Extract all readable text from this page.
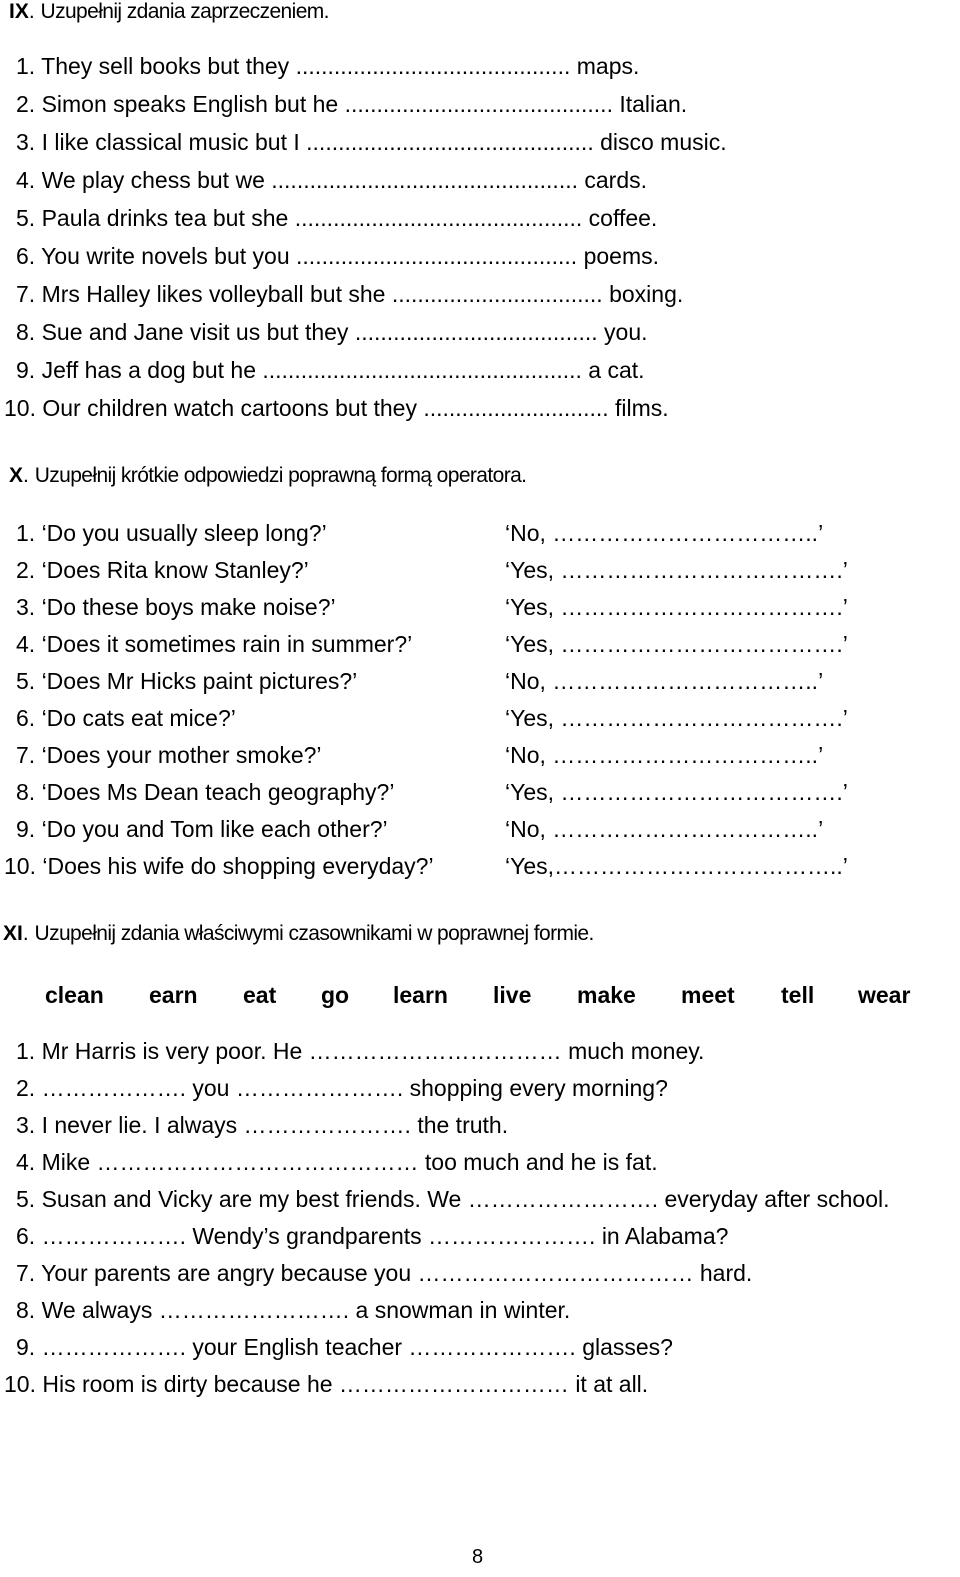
IX. Uzupełnij zdania zaprzeczeniem.
1. They sell books but they ........................................... maps.
2. Simon speaks English but he .......................................... Italian.
3. I like classical music but I ............................................. disco music.
4. We play chess but we ................................................ cards.
5. Paula drinks tea but she ............................................. coffee.
6. You write novels but you ............................................ poems.
7. Mrs Halley likes volleyball but she ................................. boxing.
8. Sue and Jane visit us but they ...................................... you.
9. Jeff has a dog but he .................................................. a cat.
10. Our children watch cartoons but they ............................. films.
X. Uzupełnij krótkie odpowiedzi poprawną formą operatora.
1. ‘Do you usually sleep long?’	‘No, ……………………………..’
2. ‘Does Rita know Stanley?’	‘Yes, ……………………………….’
3. ‘Do these boys make noise?’	‘Yes, ……………………………….’
4. ‘Does it sometimes rain in summer?’	‘Yes, ……………………………….’
5. ‘Does Mr Hicks paint pictures?’	‘No, ……………………………..’
6. ‘Do cats eat mice?’	‘Yes, ……………………………….’
7. ‘Does your mother smoke?’	‘No, ……………………………..’
8. ‘Does Ms Dean teach geography?’	‘Yes, ……………………………….’
9. ‘Do you and Tom like each other?’	‘No, ……………………………..’
10. ‘Does his wife do shopping everyday?’	‘Yes,………………………………..’
XI. Uzupełnij zdania właściwymi czasownikami w poprawnej formie.
clean earn eat go learn live make meet tell wear
1. Mr Harris is very poor. He …………………………… much money.
2. ………………. you …………………. shopping every morning?
3. I never lie. I always …………………. the truth.
4. Mike …………………………………… too much and he is fat.
5. Susan and Vicky are my best friends. We ……………………. everyday after school.
6. ………………. Wendy’s grandparents …………………. in Alabama?
7. Your parents are angry because you ……………………………… hard.
8. We always ……………………. a snowman in winter.
9. ………………. your English teacher …………………. glasses?
10. His room is dirty because he ………………………… it at all.
8
